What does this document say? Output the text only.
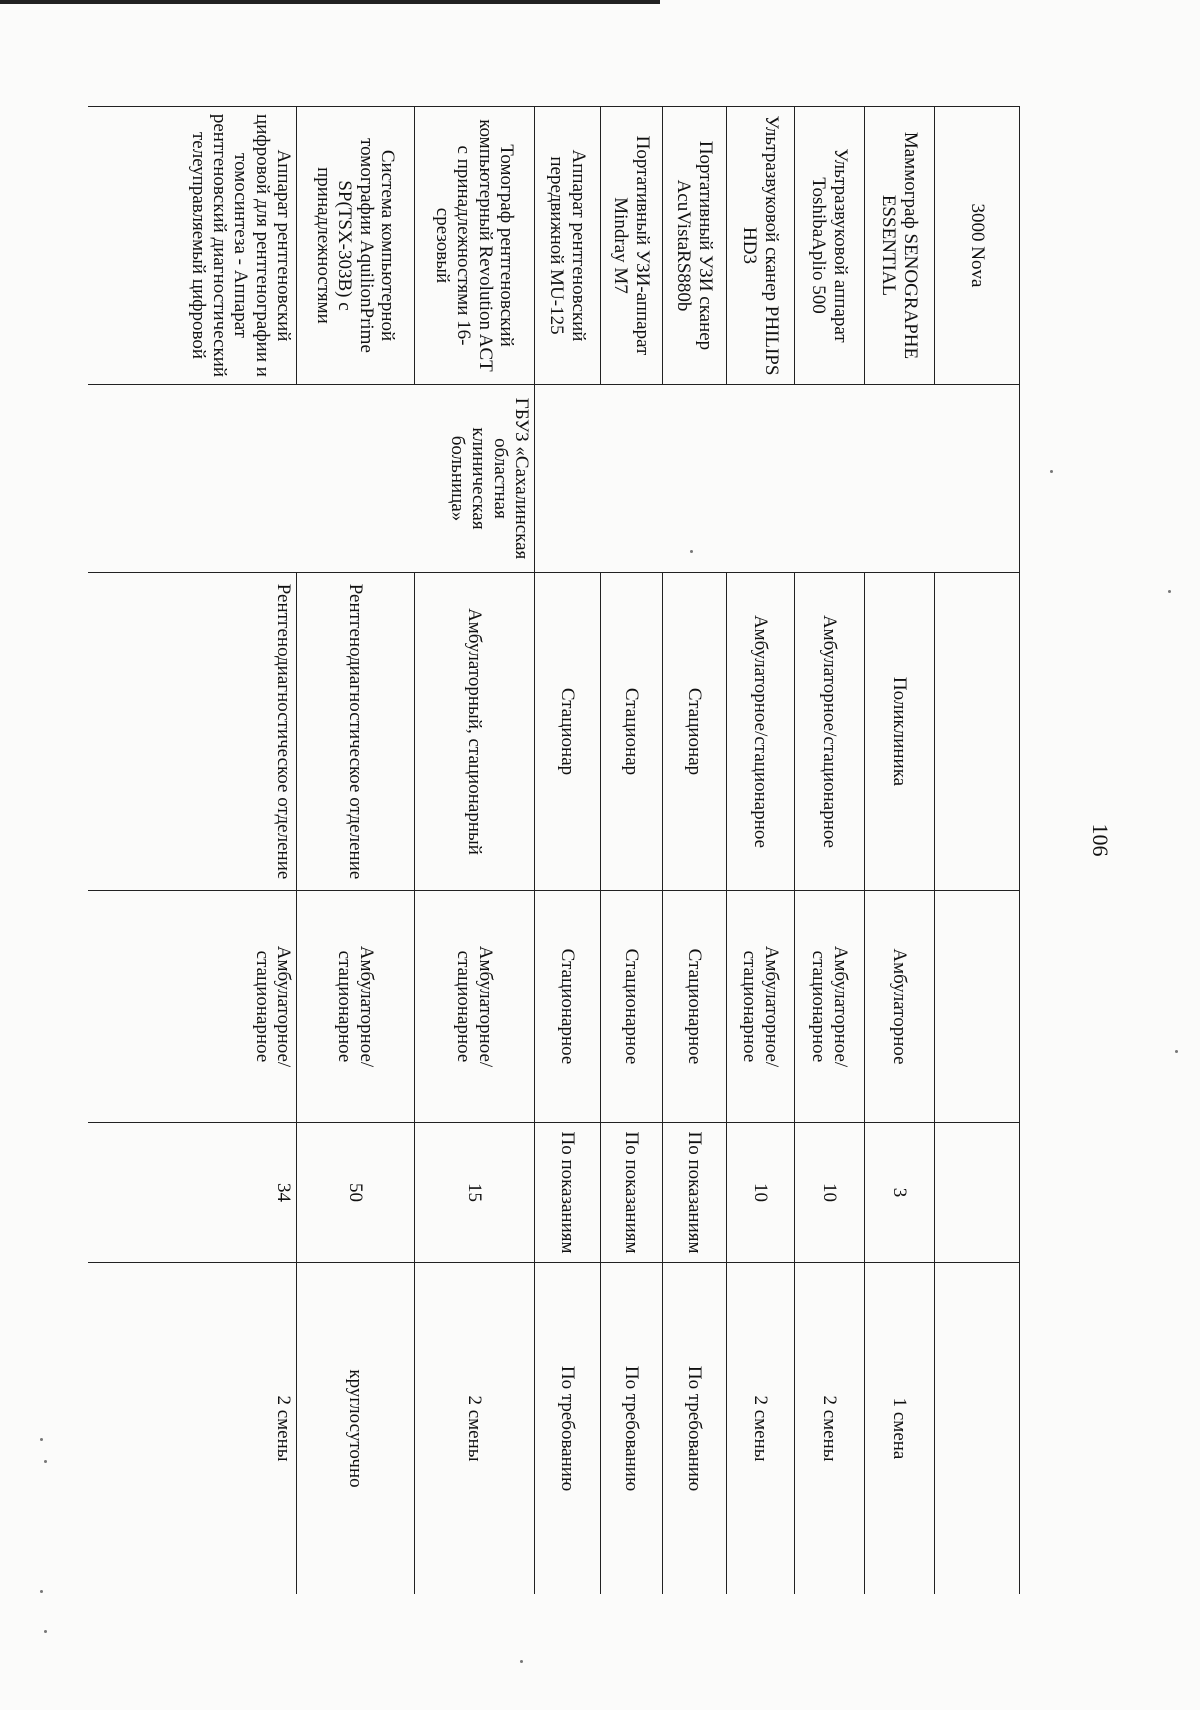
106
3000 Nova					
Маммограф SENOGRAPHE ESSENTIAL		Поликлиника	Амбулаторное	3	1 смена
Ультразвуковой аппарат ToshibaAplio 500		Амбулаторное/стационарное	Амбулаторное/ стационарное	10	2 смены
Ультразвуковой сканер PHILIPS HD3		Амбулаторное/стационарное	Амбулаторное/ стационарное	10	2 смены
Портативный УЗИ сканер AcuVistaRS880b		Стационар	Стационарное	По показаниям	По требованию
Портативный УЗИ-аппарат Mindray M7		Стационар	Стационарное	По показаниям	По требованию
Аппарат рентгеновский передвижной MU-125		Стационар	Стационарное	По показаниям	По требованию
Томограф рентгеновский компьютерный Revolution ACT с принадлежностями 16-срезовый	ГБУЗ «Сахалинская областная клиническая больница»	Амбулаторный, стационарный	Амбулаторное/ стационарное	15	2 смены
Система компьютерной томографии AquilionPrime SP(TSX-303B) с принадлежностями		Рентгенодиагностическое отделение	Амбулаторное/ стационарное	50	круглосуточно
Аппарат рентгеновский цифровой для рентгенографии и томосинтеза - Аппарат рентгеновский диагностический телеуправляемый цифровой		Рентгенодиагностическое отделение	Амбулаторное/ стационарное	34	2 смены
